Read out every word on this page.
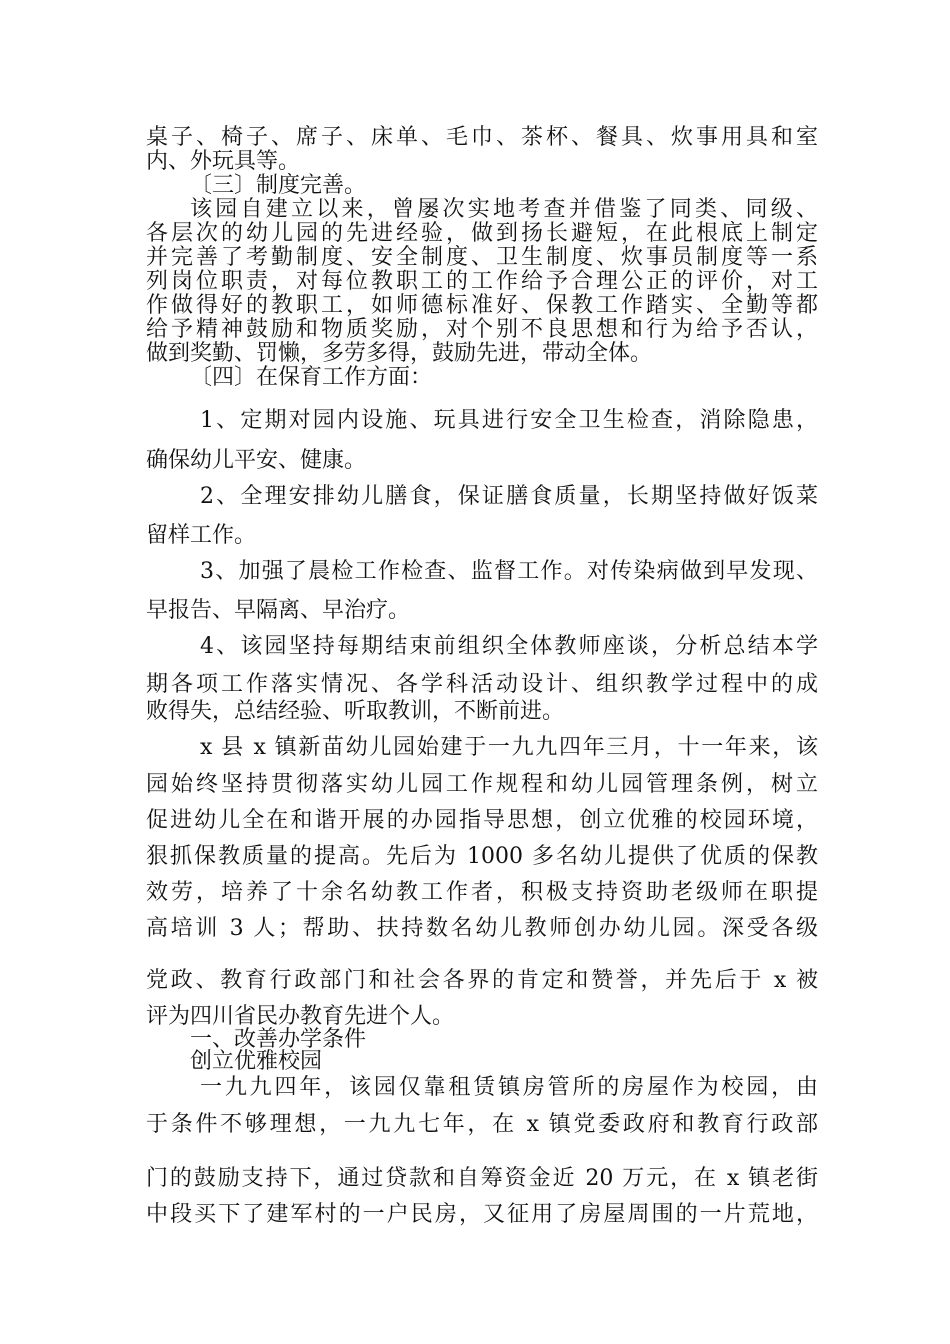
桌子、椅子、席子、床单、毛巾、茶杯、餐具、炊事用具和室
内、外玩具等。
〔三〕制度完善。
该园自建立以来，曾屡次实地考查并借鉴了同类、同级、
各层次的幼儿园的先进经验，做到扬长避短，在此根底上制定
并完善了考勤制度、安全制度、卫生制度、炊事员制度等一系
列岗位职责，对每位教职工的工作给予合理公正的评价，对工
作做得好的教职工，如师德标准好、保教工作踏实、全勤等都
给予精神鼓励和物质奖励，对个别不良思想和行为给予否认，
做到奖勤、罚懒，多劳多得，鼓励先进，带动全体。
〔四〕在保育工作方面：
1、定期对园内设施、玩具进行安全卫生检查，消除隐患，
确保幼儿平安、健康。
2、全理安排幼儿膳食，保证膳食质量，长期坚持做好饭菜
留样工作。
3、加强了晨检工作检查、监督工作。对传染病做到早发现、
早报告、早隔离、早治疗。
4、该园坚持每期结束前组织全体教师座谈，分析总结本学
期各项工作落实情况、各学科活动设计、组织教学过程中的成
败得失，总结经验、听取教训，不断前进。
x 县 x 镇新苗幼儿园始建于一九九四年三月，十一年来，该
园始终坚持贯彻落实幼儿园工作规程和幼儿园管理条例，树立
促进幼儿全在和谐开展的办园指导思想，创立优雅的校园环境，
狠抓保教质量的提高。先后为 1000 多名幼儿提供了优质的保教
效劳，培养了十余名幼教工作者，积极支持资助老级师在职提
高培训 3 人；帮助、扶持数名幼儿教师创办幼儿园。深受各级
党政、教育行政部门和社会各界的肯定和赞誉，并先后于 x 被
评为四川省民办教育先进个人。
一、改善办学条件
创立优雅校园
一九九四年，该园仅靠租赁镇房管所的房屋作为校园，由
于条件不够理想，一九九七年，在 x 镇党委政府和教育行政部
门的鼓励支持下，通过贷款和自筹资金近 20 万元，在 x 镇老街
中段买下了建军村的一户民房，又征用了房屋周围的一片荒地，
